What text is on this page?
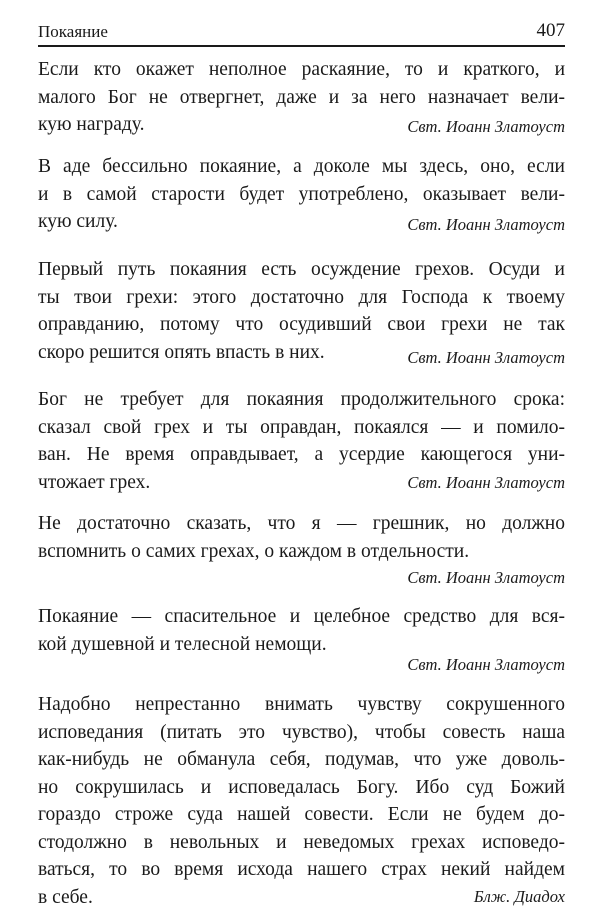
Покаяние	407
Если кто окажет неполное раскаяние, то и краткого, и
малого Бог не отвергнет, даже и за него назначает вели-
кую награду.	Свт. Иоанн Златоуст
В аде бессильно покаяние, а доколе мы здесь, оно, если
и в самой старости будет употреблено, оказывает вели-
кую силу.	Свт. Иоанн Златоуст
Первый путь покаяния есть осуждение грехов. Осуди и
ты твои грехи: этого достаточно для Господа к твоему
оправданию, потому что осудивший свои грехи не так
скоро решится опять впасть в них.	Свт. Иоанн Златоуст
Бог не требует для покаяния продолжительного срока:
сказал свой грех и ты оправдан, покаялся — и помило-
ван. Не время оправдывает, а усердие кающегося уни-
чтожает грех.	Свт. Иоанн Златоуст
Не достаточно сказать, что я — грешник, но должно
вспомнить о самих грехах, о каждом в отдельности.
Свт. Иоанн Златоуст
Покаяние — спасительное и целебное средство для вся-
кой душевной и телесной немощи.
Свт. Иоанн Златоуст
Надобно непрестанно внимать чувству сокрушенного
исповедания (питать это чувство), чтобы совесть наша
как-нибудь не обманула себя, подумав, что уже доволь-
но сокрушилась и исповедалась Богу. Ибо суд Божий
гораздо строже суда нашей совести. Если не будем до-
стодолжно в невольных и неведомых грехах исповедо-
ваться, то во время исхода нашего страх некий найдем
в себе.	Блж. Диадох
